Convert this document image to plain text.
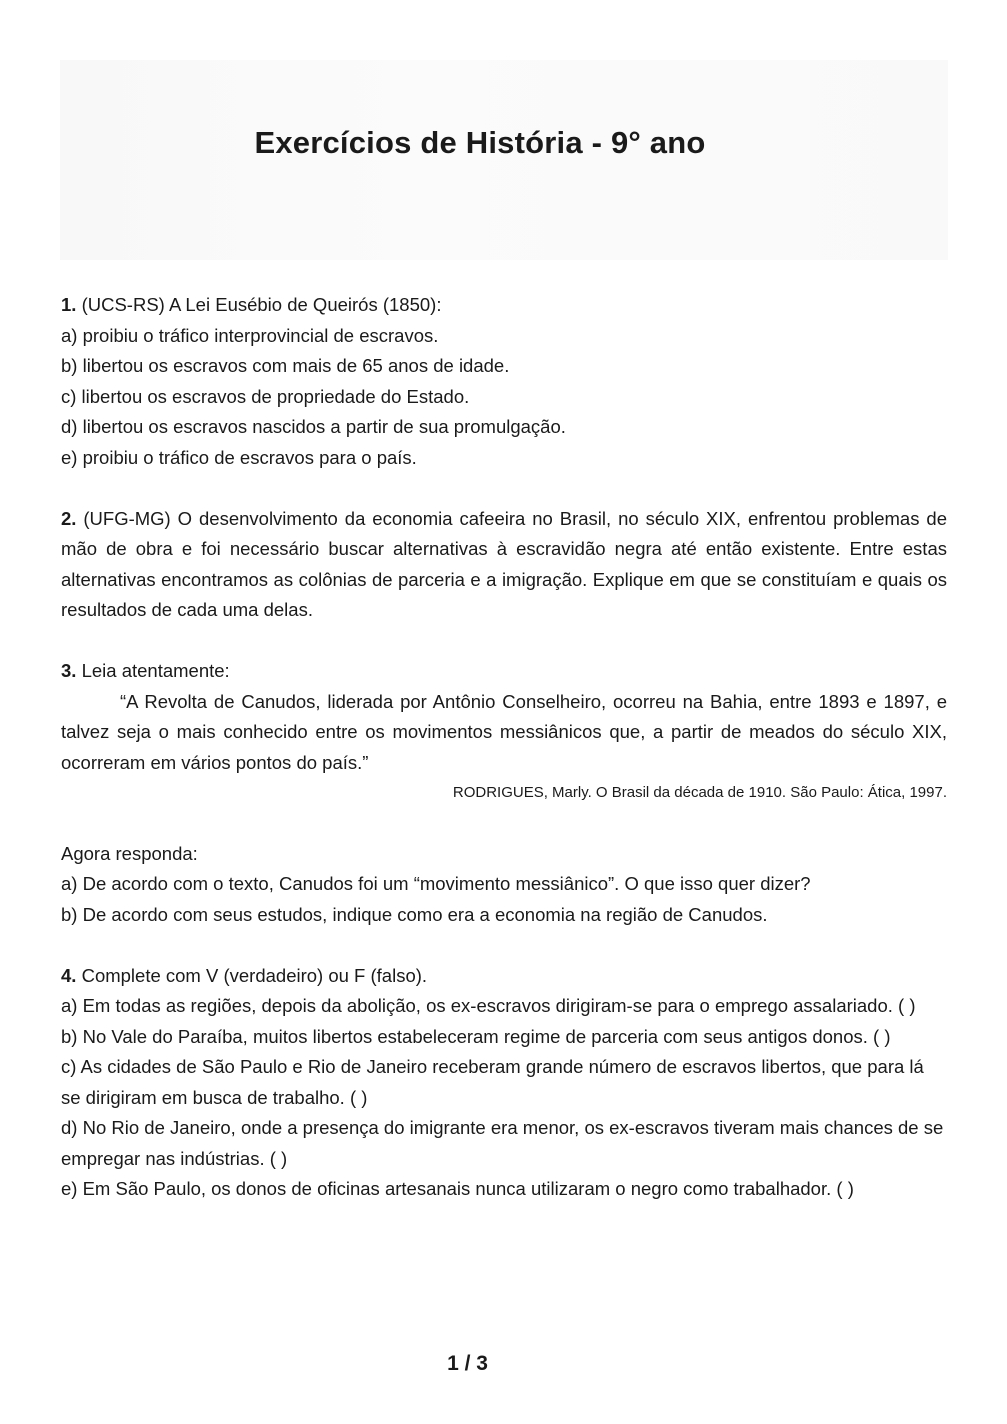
Exercícios de História - 9° ano

1. (UCS-RS) A Lei Eusébio de Queirós (1850):

a) proibiu o tráfico interprovincial de escravos.

b) libertou os escravos com mais de 65 anos de idade.

c) libertou os escravos de propriedade do Estado.

d) libertou os escravos nascidos a partir de sua promulgação.

e) proibiu o tráfico de escravos para o país.

2. (UFG-MG) O desenvolvimento da economia cafeeira no Brasil, no século XIX, enfrentou problemas de mão de obra e foi necessário buscar alternativas à escravidão negra até então existente. Entre estas alternativas encontramos as colônias de parceria e a imigração. Explique em que se constituíam e quais os resultados de cada uma delas.

3. Leia atentamente:

“A Revolta de Canudos, liderada por Antônio Conselheiro, ocorreu na Bahia, entre 1893 e 1897, e talvez seja o mais conhecido entre os movimentos messiânicos que, a partir de meados do século XIX, ocorreram em vários pontos do país.”

RODRIGUES, Marly. O Brasil da década de 1910. São Paulo: Ática, 1997.

Agora responda:

a) De acordo com o texto, Canudos foi um “movimento messiânico”. O que isso quer dizer?

b) De acordo com seus estudos, indique como era a economia na região de Canudos.

4. Complete com V (verdadeiro) ou F (falso).

a) Em todas as regiões, depois da abolição, os ex-escravos dirigiram-se para o emprego assalariado. ( )

b) No Vale do Paraíba, muitos libertos estabeleceram regime de parceria com seus antigos donos. ( )

c) As cidades de São Paulo e Rio de Janeiro receberam grande número de escravos libertos, que para lá se dirigiram em busca de trabalho. ( )

d) No Rio de Janeiro, onde a presença do imigrante era menor, os ex-escravos tiveram mais chances de se empregar nas indústrias. ( )

e) Em São Paulo, os donos de oficinas artesanais nunca utilizaram o negro como trabalhador. ( )

1 / 3
